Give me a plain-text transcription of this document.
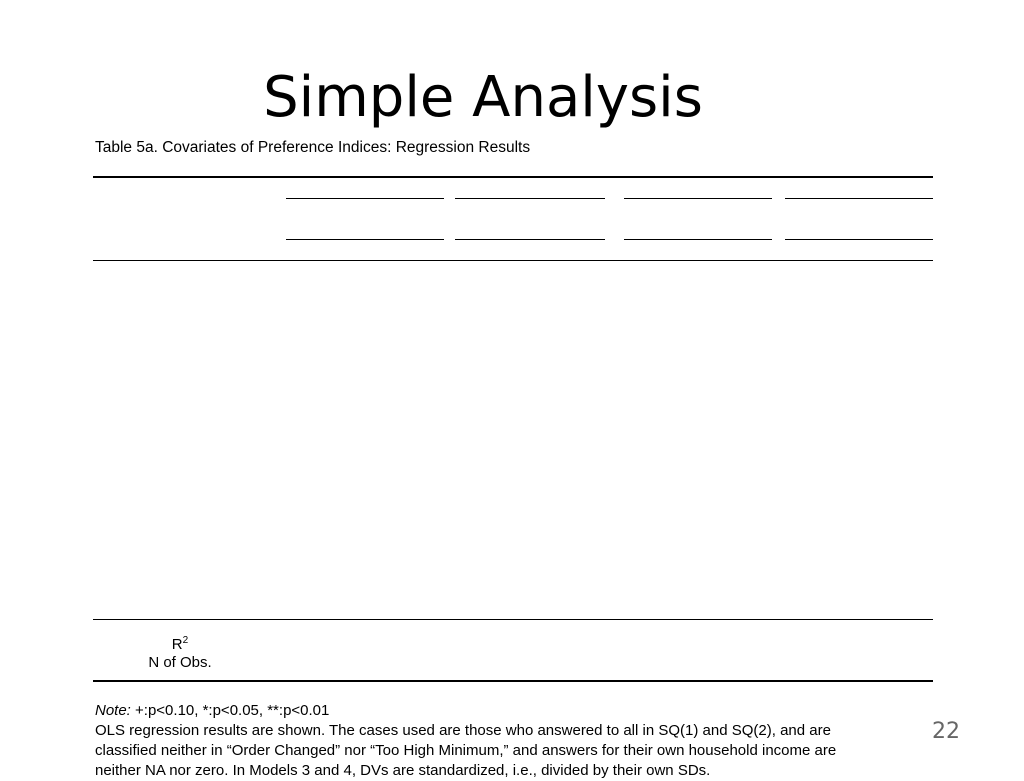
Simple Analysis
Table 5a. Covariates of Preference Indices: Regression Results
$R^2$
N of Obs.
Note: +:p<0.10, *:p<0.05, **:p<0.01
OLS regression results are shown. The cases used are those who answered to all in SQ(1) and SQ(2), and are
classified neither in “Order Changed” nor “Too High Minimum,” and answers for their own household income are
neither NA nor zero. In Models 3 and 4, DVs are standardized, i.e., divided by their own SDs.
22
